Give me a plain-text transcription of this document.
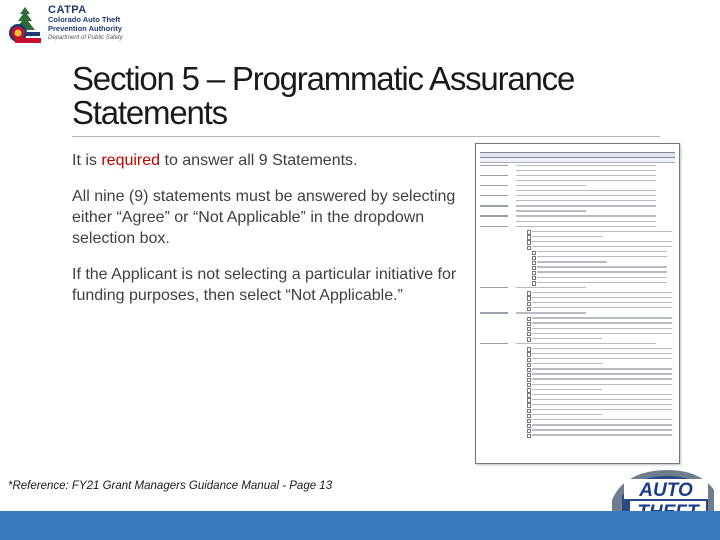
CATPA
Colorado Auto Theft
Prevention Authority
Department of Public Safety
Section 5 – Programmatic Assurance
Statements

It is required to answer all 9 Statements.

All nine (9) statements must be answered by selecting either “Agree” or “Not Applicable” in the dropdown selection box.

If the Applicant is not selecting a particular initiative for funding purposes, then select “Not Applicable.”

*Reference: FY21 Grant Managers Guidance Manual - Page 13	AUTO
